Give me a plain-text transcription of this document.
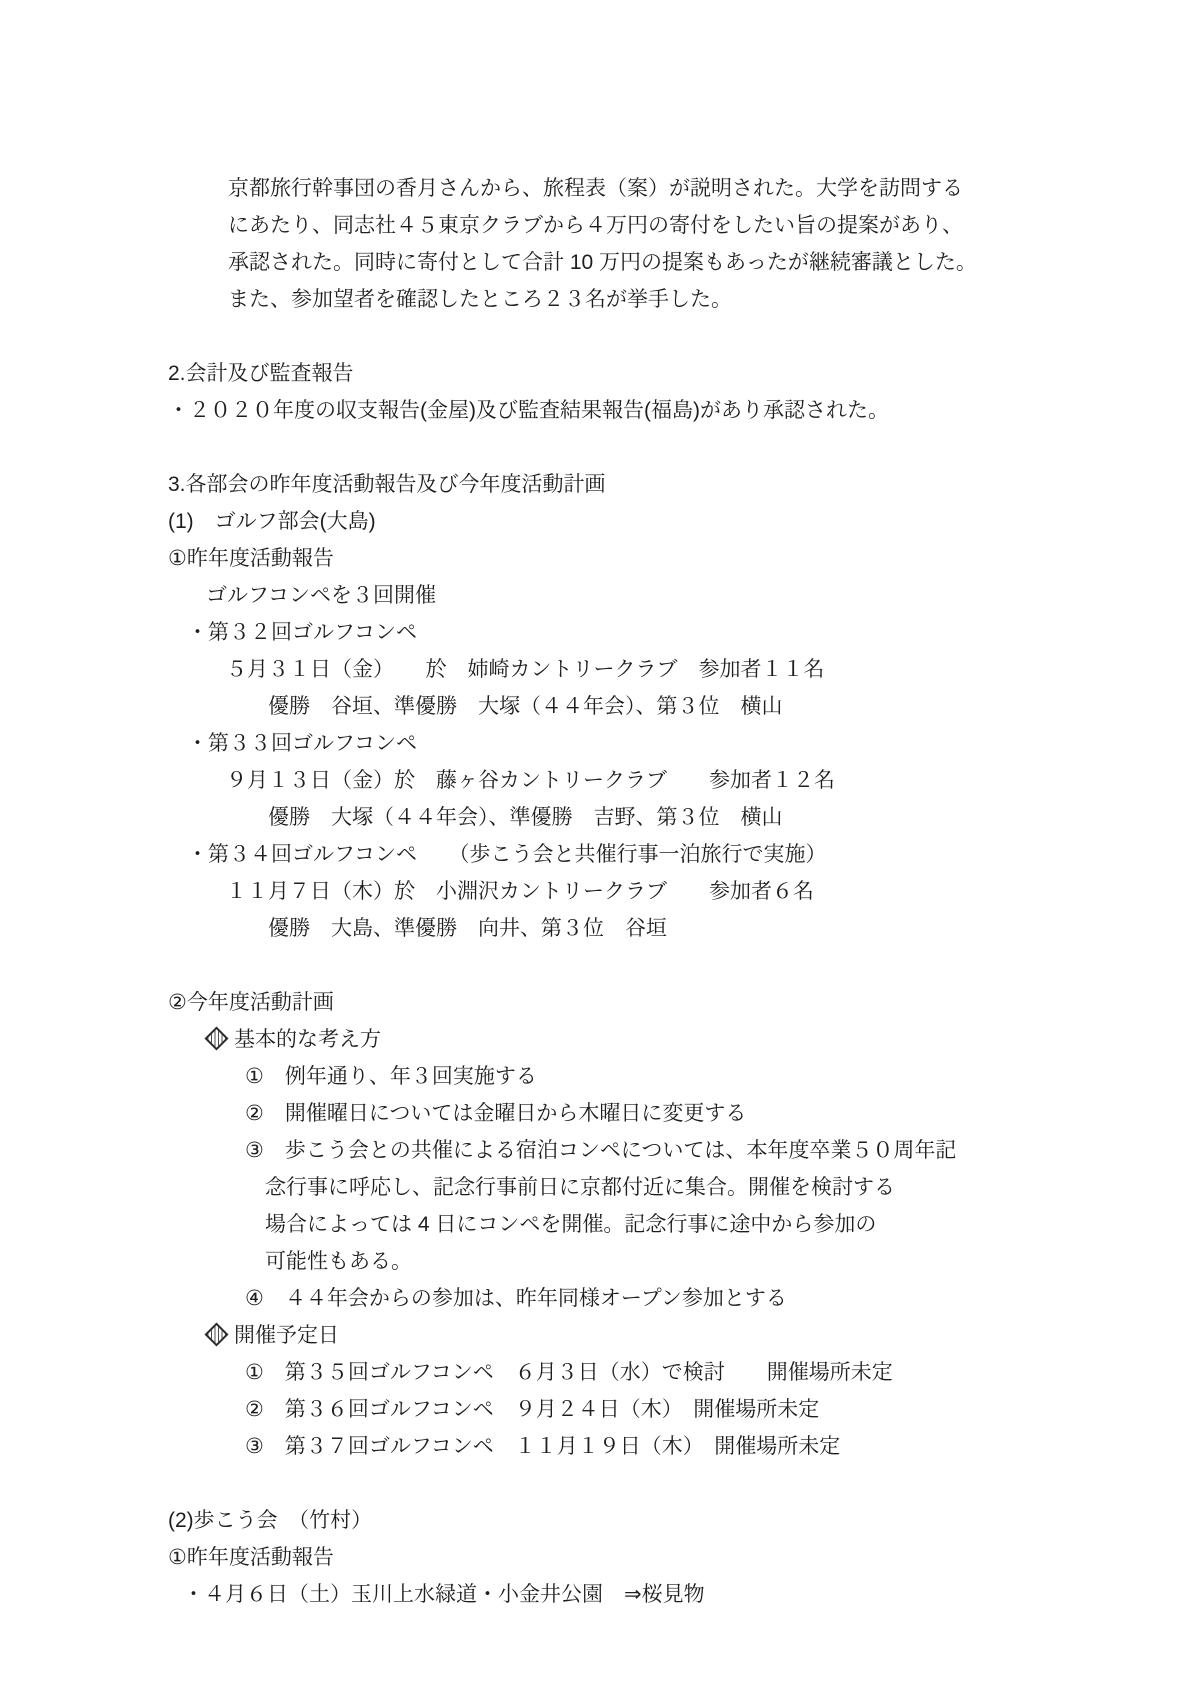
京都旅行幹事団の香月さんから、旅程表（案）が説明された。大学を訪問する
にあたり、同志社４５東京クラブから４万円の寄付をしたい旨の提案があり、
承認された。同時に寄付として合計 10 万円の提案もあったが継続審議とした。
また、参加望者を確認したところ２３名が挙手した。
2.会計及び監査報告
・２０２０年度の収支報告(金屋)及び監査結果報告(福島)があり承認された。
3.各部会の昨年度活動報告及び今年度活動計画
(1)　ゴルフ部会(大島)
①昨年度活動報告
ゴルフコンペを３回開催
・第３２回ゴルフコンペ
５月３１日（金）　　於　姉崎カントリークラブ　参加者１１名
優勝　谷垣、準優勝　大塚（４４年会）、第３位　横山
・第３３回ゴルフコンペ
９月１３日（金）於　藤ヶ谷カントリークラブ　　参加者１２名
優勝　大塚（４４年会）、準優勝　吉野、第３位　横山
・第３４回ゴルフコンペ　　（歩こう会と共催行事一泊旅行で実施）
１１月７日（木）於　小淵沢カントリークラブ　　参加者６名
優勝　大島、準優勝　向井、第３位　谷垣
②今年度活動計画
基本的な考え方
①　例年通り、年３回実施する
②　開催曜日については金曜日から木曜日に変更する
③　歩こう会との共催による宿泊コンペについては、本年度卒業５０周年記
念行事に呼応し、記念行事前日に京都付近に集合。開催を検討する
場合によっては 4 日にコンペを開催。記念行事に途中から参加の
可能性もある。
④　４４年会からの参加は、昨年同様オープン参加とする
開催予定日
①　第３５回ゴルフコンペ　６月３日（水）で検討　　開催場所未定
②　第３６回ゴルフコンペ　９月２４日（木）　開催場所未定
③　第３７回ゴルフコンペ　１１月１９日（木）　開催場所未定
(2)歩こう会　（竹村）
①昨年度活動報告
・４月６日（土）玉川上水緑道・小金井公園　⇒桜見物
